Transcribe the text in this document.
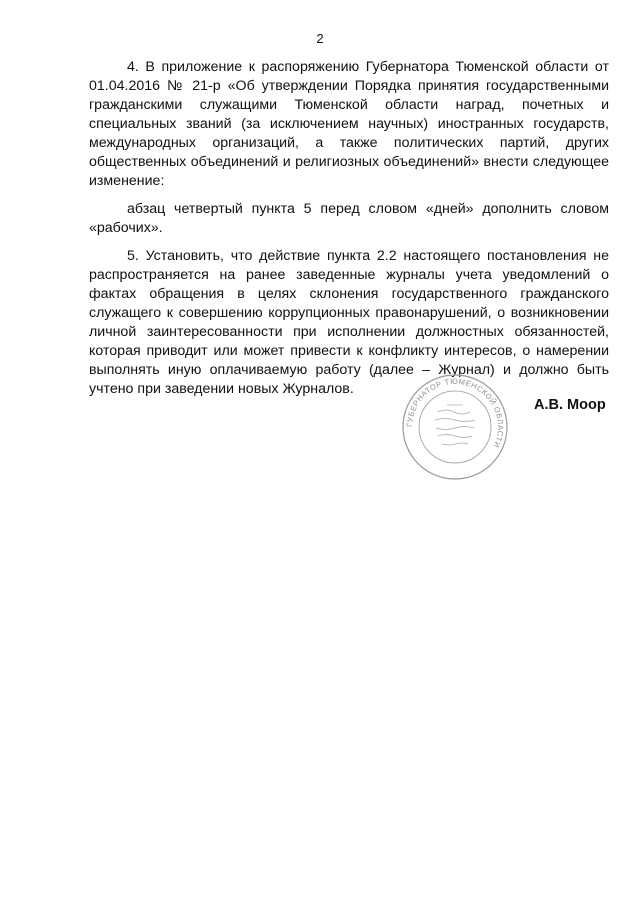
2

4. В приложение к распоряжению Губернатора Тюменской области от 01.04.2016 № 21-р «Об утверждении Порядка принятия государственными гражданскими служащими Тюменской области наград, почетных и специальных званий (за исключением научных) иностранных государств, международных организаций, а также политических партий, других общественных объединений и религиозных объединений» внести следующее изменение:

абзац четвертый пункта 5 перед словом «дней» дополнить словом «рабочих».

5. Установить, что действие пункта 2.2 настоящего постановления не распространяется на ранее заведенные журналы учета уведомлений о фактах обращения в целях склонения государственного гражданского служащего к совершению коррупционных правонарушений, о возникновении личной заинтересованности при исполнении должностных обязанностей, которая приводит или может привести к конфликту интересов, о намерении выполнять иную оплачиваемую работу (далее – Журнал) и должно быть учтено при заведении новых Журналов.

ГУБЕРНАТОР ТЮМЕНСКОЙ ОБЛАСТИ
А.В. Моор
